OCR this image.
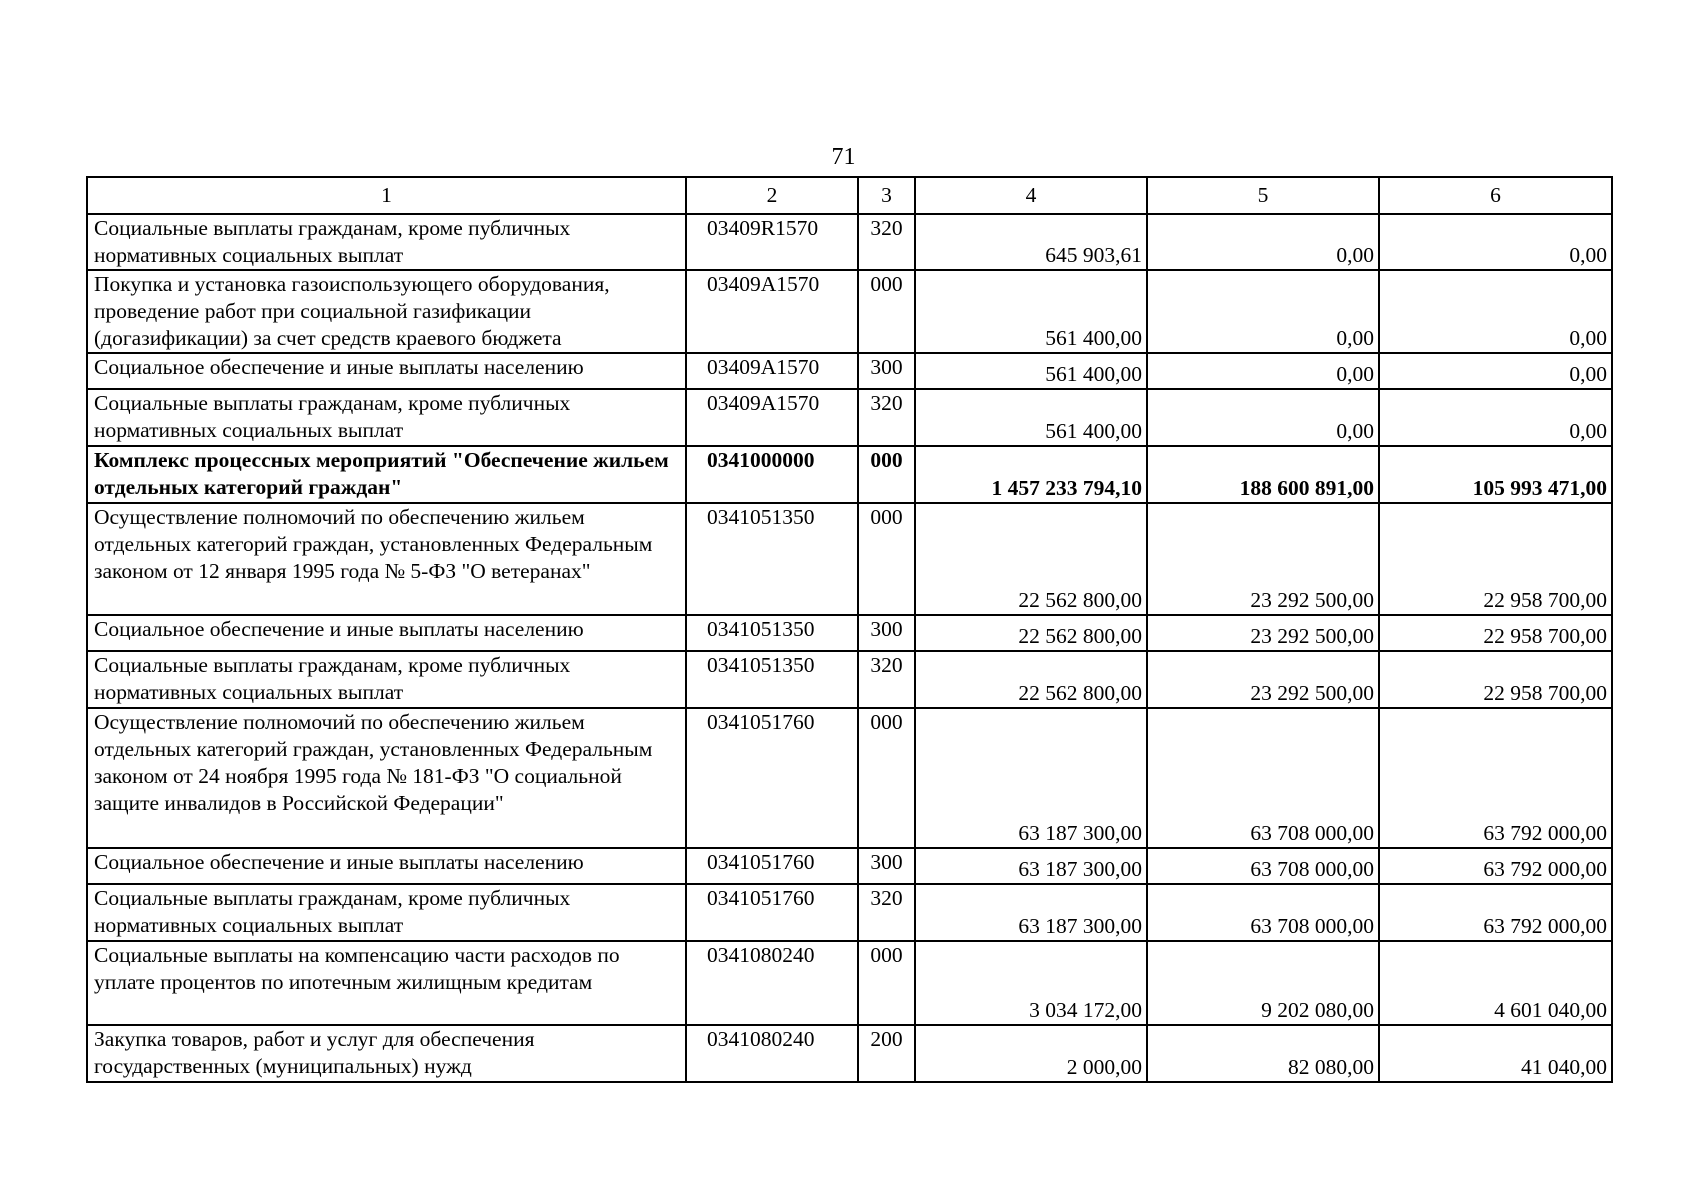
71
1	2	3	4	5	6
Социальные выплаты гражданам, кроме публичных нормативных социальных выплат	03409R1570	320	645 903,61	0,00	0,00
Покупка и установка газоиспользующего оборудования, проведение работ при социальной газификации (догазификации) за счет средств краевого бюджета	03409A1570	000	561 400,00	0,00	0,00
Социальное обеспечение и иные выплаты населению	03409A1570	300	561 400,00	0,00	0,00
Социальные выплаты гражданам, кроме публичных нормативных социальных выплат	03409A1570	320	561 400,00	0,00	0,00
Комплекс процессных мероприятий "Обеспечение жильем отдельных категорий граждан"	0341000000	000	1 457 233 794,10	188 600 891,00	105 993 471,00
Осуществление полномочий по обеспечению жильем отдельных категорий граждан, установленных Федеральным законом от 12 января 1995 года № 5-ФЗ "О ветеранах"	0341051350	000	22 562 800,00	23 292 500,00	22 958 700,00
Социальное обеспечение и иные выплаты населению	0341051350	300	22 562 800,00	23 292 500,00	22 958 700,00
Социальные выплаты гражданам, кроме публичных нормативных социальных выплат	0341051350	320	22 562 800,00	23 292 500,00	22 958 700,00
Осуществление полномочий по обеспечению жильем отдельных категорий граждан, установленных Федеральным законом от 24 ноября 1995 года № 181-ФЗ "О социальной защите инвалидов в Российской Федерации"	0341051760	000	63 187 300,00	63 708 000,00	63 792 000,00
Социальное обеспечение и иные выплаты населению	0341051760	300	63 187 300,00	63 708 000,00	63 792 000,00
Социальные выплаты гражданам, кроме публичных нормативных социальных выплат	0341051760	320	63 187 300,00	63 708 000,00	63 792 000,00
Социальные выплаты на компенсацию части расходов по уплате процентов по ипотечным жилищным кредитам	0341080240	000	3 034 172,00	9 202 080,00	4 601 040,00
Закупка товаров, работ и услуг для обеспечения государственных (муниципальных) нужд	0341080240	200	2 000,00	82 080,00	41 040,00
